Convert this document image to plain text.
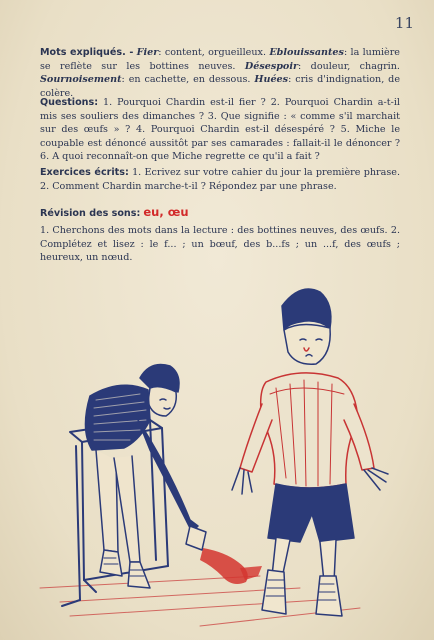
11
Mots expliqués. - Fier: content, orgueilleux. Eblouissantes: la lumière se reflète sur les bottines neuves. Désespoir: douleur, chagrin. Sournoisement: en cachette, en dessous. Huées: cris d'indignation, de colère.
Questions: 1. Pourquoi Chardin est-il fier ? 2. Pourquoi Chardin a-t-il mis ses souliers des dimanches ? 3. Que signifie : « comme s'il marchait sur des œufs » ? 4. Pourquoi Chardin est-il désespéré ? 5. Miche le coupable est dénoncé aussitôt par ses camarades : fallait-il le dénoncer ? 6. A quoi reconnaît-on que Miche regrette ce qu'il a fait ?
Exercices écrits: 1. Ecrivez sur votre cahier du jour la première phrase. 2. Comment Chardin marche-t-il ? Répondez par une phrase.
Révision des sons: eu, œu
1. Cherchons des mots dans la lecture : des bottines neuves, des œufs. 2. Complétez et lisez : le f... ; un bœuf, des b...fs ; un ...f, des œufs ; heureux, un nœud.
